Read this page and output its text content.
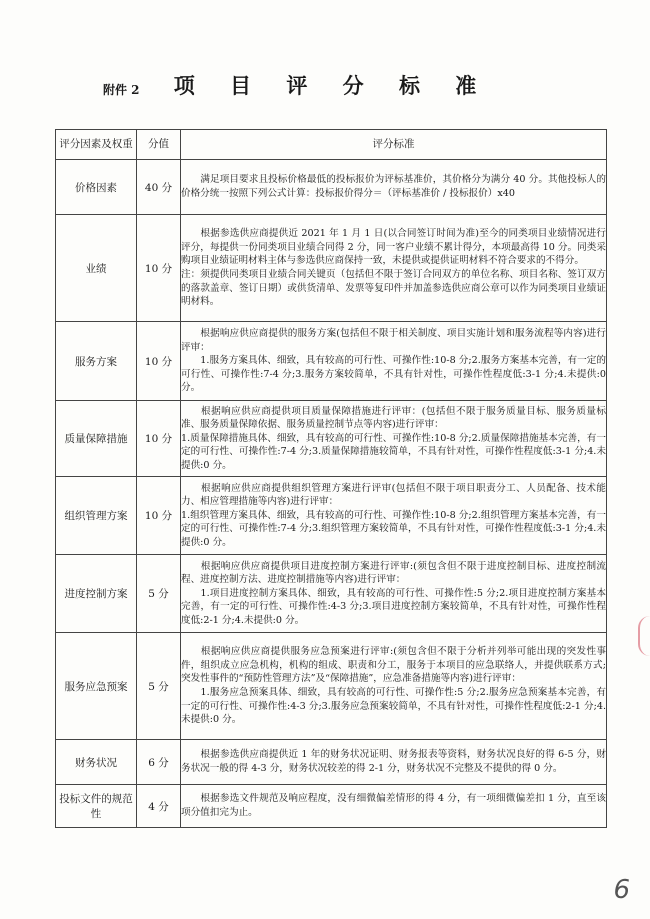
附件 2	项 目 评 分 标 准
评分因素及权重	分值	评分标准
价格因素	40 分	　　满足项目要求且投标价格最低的投标报价为评标基准价，其价格分为满分 40 分。其他投标人的价格分统一按照下列公式计算：投标报价得分＝（评标基准价 / 投标报价）x40
业绩	10 分	　　根据参选供应商提供近 2021 年 1 月 1 日(以合同签订时间为准)至今的同类项目业绩情况进行评分，每提供一份同类项目业绩合同得 2 分，同一客户业绩不累计得分，本项最高得 10 分。同类采购项目业绩证明材料主体与参选供应商保持一致，未提供或提供证明材料不符合要求的不得分。
注：须提供同类项目业绩合同关键页（包括但不限于签订合同双方的单位名称、项目名称、签订双方的落款盖章、签订日期）或供货清单、发票等复印件并加盖参选供应商公章可以作为同类项目业绩证明材料。
服务方案	10 分	　　根据响应供应商提供的服务方案(包括但不限于相关制度、项目实施计划和服务流程等内容)进行评审：
　　1.服务方案具体、细致，具有较高的可行性、可操作性:10-8 分;2.服务方案基本完善，有一定的可行性、可操作性:7-4 分;3.服务方案较简单，不具有针对性，可操作性程度低:3-1 分;4.未提供:0 分。
质量保障措施	10 分	　　根据响应供应商提供项目质量保障措施进行评审：(包括但不限于服务质量目标、服务质量标准、服务质量保障依据、服务质量控制节点等内容)进行评审：
1.质量保障措施具体、细致，具有较高的可行性、可操作性:10-8 分;2.质量保障措施基本完善，有一定的可行性、可操作性:7-4 分;3.质量保障措施较简单，不具有针对性，可操作性程度低:3-1 分;4.未提供:0 分。
组织管理方案	10 分	　　根据响应供应商提供组织管理方案进行评审(包括但不限于项目职责分工、人员配备、技术能力、相应管理措施等内容)进行评审：
1.组织管理方案具体、细致，具有较高的可行性、可操作性:10-8 分;2.组织管理方案基本完善，有一定的可行性、可操作性:7-4 分;3.组织管理方案较简单，不具有针对性，可操作性程度低:3-1 分;4.未提供:0 分。
进度控制方案	5 分	　　根据响应供应商提供项目进度控制方案进行评审:(须包含但不限于进度控制目标、进度控制流程、进度控制方法、进度控制措施等内容)进行评审：
　　1.项目进度控制方案具体、细致，具有较高的可行性、可操作性:5 分;2.项目进度控制方案基本完善，有一定的可行性、可操作性:4-3 分;3.项目进度控制方案较简单，不具有针对性，可操作性程度低:2-1 分;4.未提供:0 分。
服务应急预案	5 分	　　根据响应供应商提供服务应急预案进行评审:(须包含但不限于分析并列举可能出现的突发性事件，组织成立应急机构，机构的组成、职责和分工，服务于本项目的应急联络人，并提供联系方式;突发性事件的“预防性管理方法”及“保障措施”，应急准备措施等内容)进行评审：
　　1.服务应急预案具体、细致，具有较高的可行性、可操作性:5 分;2.服务应急预案基本完善，有一定的可行性、可操作性:4-3 分;3.服务应急预案较简单，不具有针对性，可操作性程度低:2-1 分;4.未提供:0 分。
财务状况	6 分	　　根据参选供应商提供近 1 年的财务状况证明、财务报表等资料，财务状况良好的得 6-5 分，财务状况一般的得 4-3 分，财务状况较差的得 2-1 分，财务状况不完整及不提供的得 0 分。
投标文件的规范性	4 分	　　根据参选文件规范及响应程度，没有细微偏差情形的得 4 分，有一项细微偏差扣 1 分，直至该项分值扣完为止。
6
